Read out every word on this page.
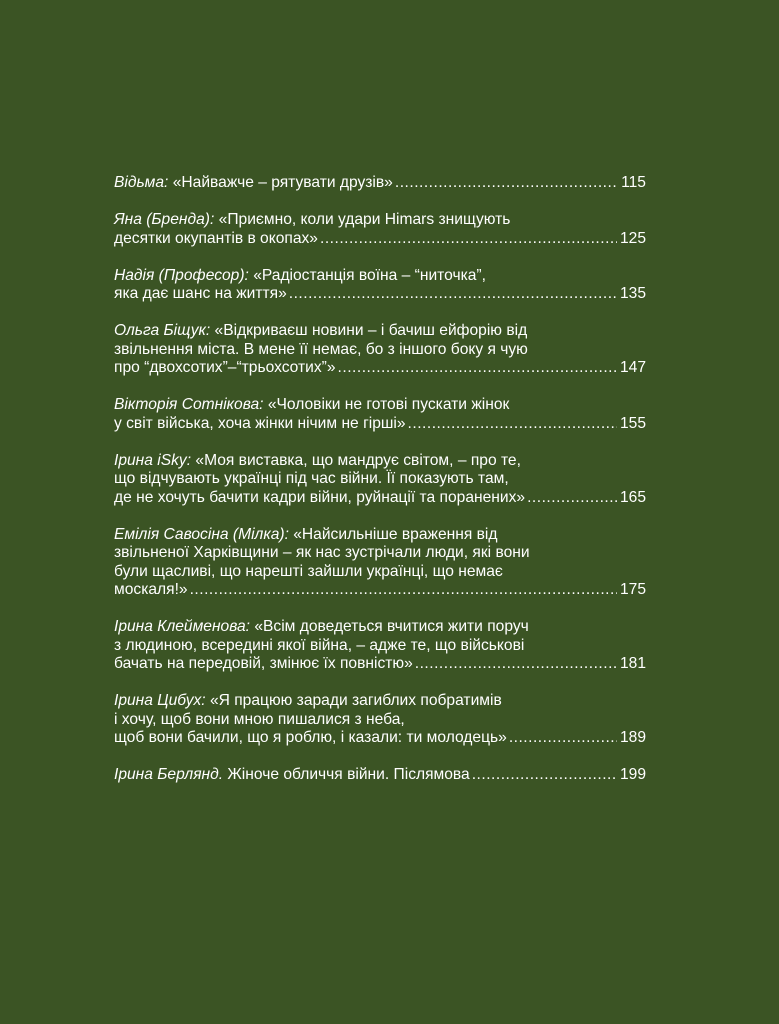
Відьма: «Найважче – рятувати друзів» .....	115
Яна (Бренда): «Приємно, коли удари Himars знищують
десятки окупантів в окопах» .....	125
Надія (Професор): «Радіостанція воїна – “ниточка”,
яка дає шанс на життя» .....	135
Ольга Біщук: «Відкриваєш новини – і бачиш ейфорію від
звільнення міста. В мене її немає, бо з іншого боку я чую
про “двохсотих”–“трьохсотих”» .....	147
Вікторія Сотнікова: «Чоловіки не готові пускати жінок
у світ війська, хоча жінки нічим не гірші» .....	155
Ірина iSky: «Моя виставка, що мандрує світом, – про те,
що відчувають українці під час війни. Її показують там,
де не хочуть бачити кадри війни, руйнації та поранених» .....	165
Емілія Савосіна (Мілка): «Найсильніше враження від
звільненої Харківщини – як нас зустрічали люди, які вони
були щасливі, що нарешті зайшли українці, що немає
москаля!» .....	175
Ірина Клейменова: «Всім доведеться вчитися жити поруч
з людиною, всередині якої війна, – адже те, що військові
бачать на передовій, змінює їх повністю» .....	181
Ірина Цибух: «Я працюю заради загиблих побратимів
і хочу, щоб вони мною пишалися з неба,
щоб вони бачили, що я роблю, і казали: ти молодець» .....	189
Ірина Берлянд. Жіноче обличчя війни. Післямова .....	199
